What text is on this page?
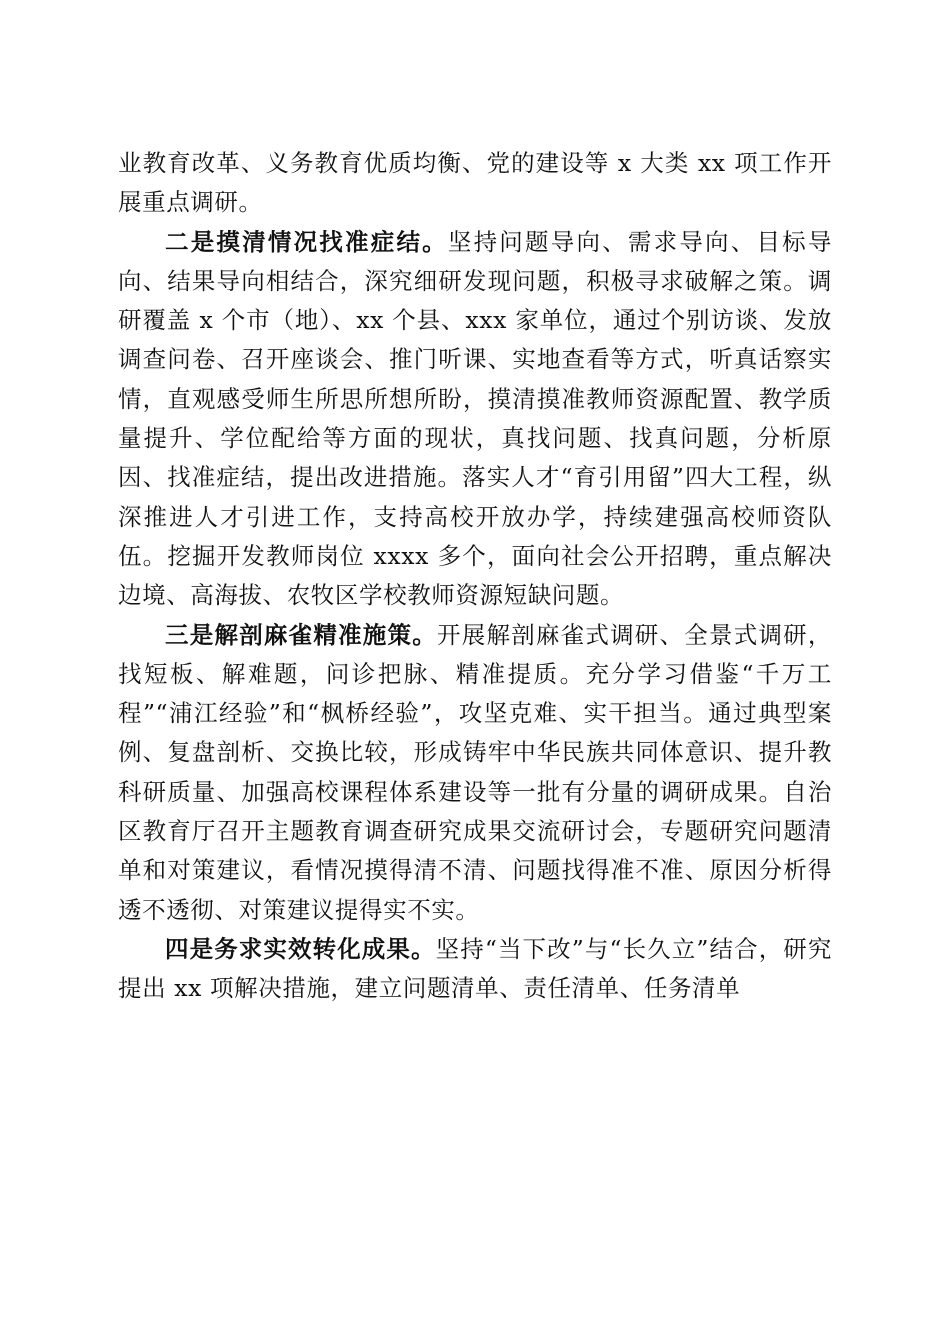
业教育改革、义务教育优质均衡、党的建设等 x 大类 xx 项工作开展重点调研。

二是摸清情况找准症结。坚持问题导向、需求导向、目标导向、结果导向相结合，深究细研发现问题，积极寻求破解之策。调研覆盖 x 个市（地）、xx 个县、xxx 家单位，通过个别访谈、发放调查问卷、召开座谈会、推门听课、实地查看等方式，听真话察实情，直观感受师生所思所想所盼，摸清摸准教师资源配置、教学质量提升、学位配给等方面的现状，真找问题、找真问题，分析原因、找准症结，提出改进措施。落实人才“育引用留”四大工程，纵深推进人才引进工作，支持高校开放办学，持续建强高校师资队伍。挖掘开发教师岗位 xxxx 多个，面向社会公开招聘，重点解决边境、高海拔、农牧区学校教师资源短缺问题。

三是解剖麻雀精准施策。开展解剖麻雀式调研、全景式调研，找短板、解难题，问诊把脉、精准提质。充分学习借鉴“千万工程”“浦江经验”和“枫桥经验”，攻坚克难、实干担当。通过典型案例、复盘剖析、交换比较，形成铸牢中华民族共同体意识、提升教科研质量、加强高校课程体系建设等一批有分量的调研成果。自治区教育厅召开主题教育调查研究成果交流研讨会，专题研究问题清单和对策建议，看情况摸得清不清、问题找得准不准、原因分析得透不透彻、对策建议提得实不实。

四是务求实效转化成果。坚持“当下改”与“长久立”结合，研究提出 xx 项解决措施，建立问题清单、责任清单、任务清单
